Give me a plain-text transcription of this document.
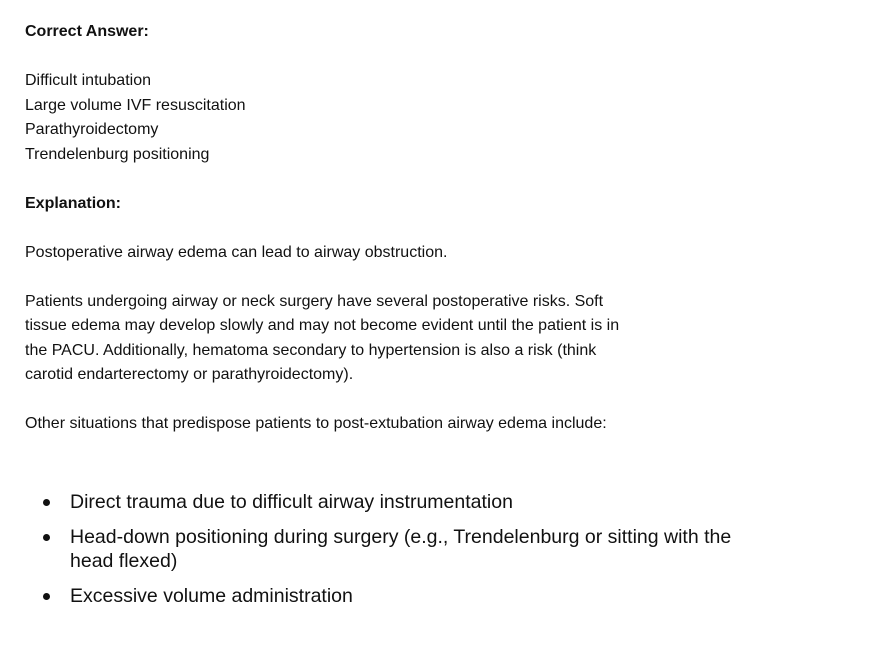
Correct Answer:

Difficult intubation

Large volume IVF resuscitation

Parathyroidectomy

Trendelenburg positioning

Explanation:

Postoperative airway edema can lead to airway obstruction.

Patients undergoing airway or neck surgery have several postoperative risks. Soft tissue edema may develop slowly and may not become evident until the patient is in the PACU. Additionally, hematoma secondary to hypertension is also a risk (think carotid endarterectomy or parathyroidectomy).

Other situations that predispose patients to post-extubation airway edema include:

Direct trauma due to difficult airway instrumentation
Head-down positioning during surgery (e.g., Trendelenburg or sitting with the head flexed)
Excessive volume administration
